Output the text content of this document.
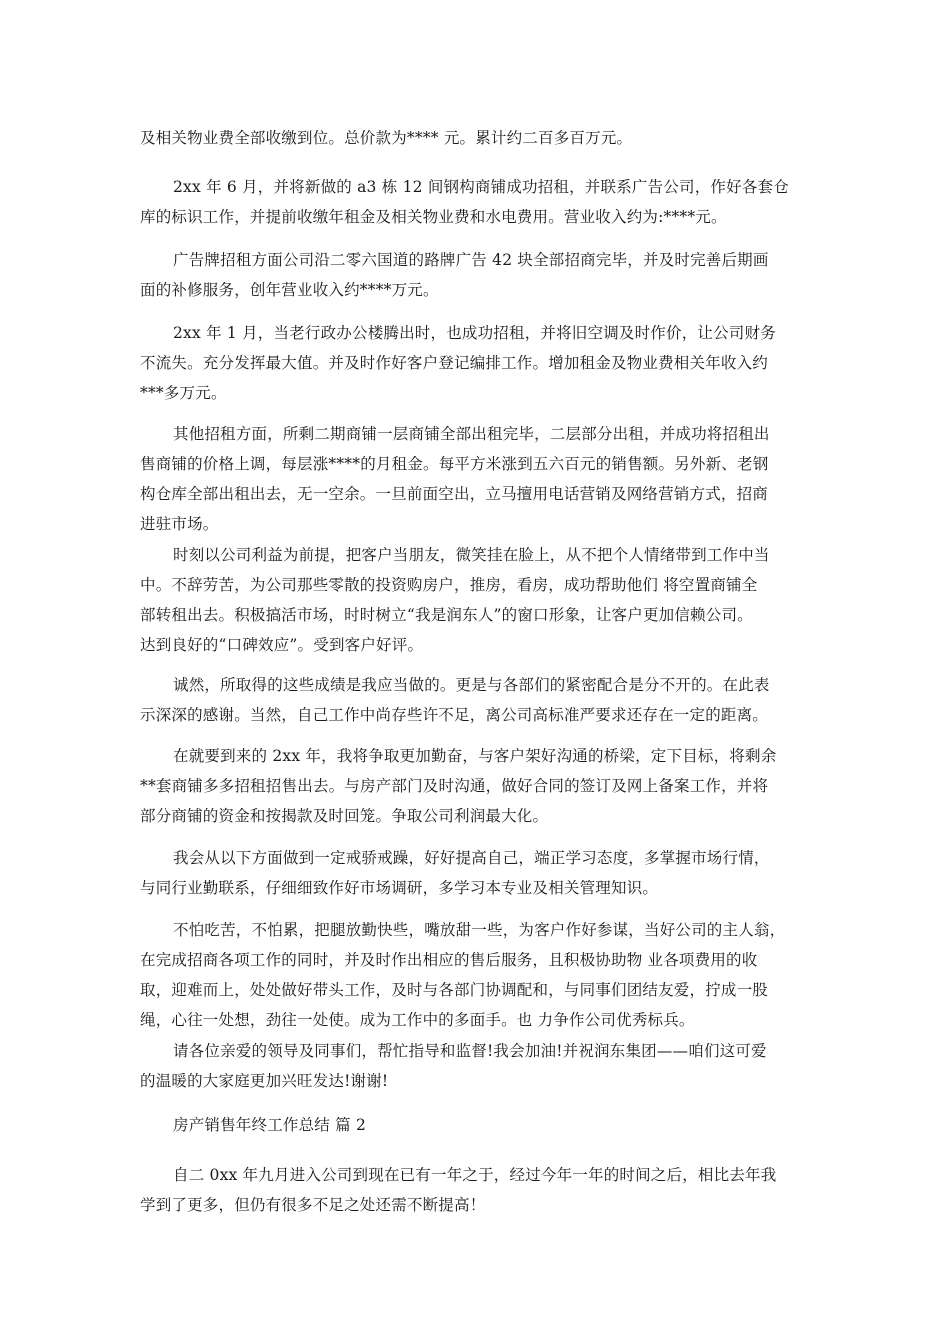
及相关物业费全部收缴到位。总价款为**** 元。累计约二百多百万元。

2xx 年 6 月，并将新做的 a3 栋 12 间钢构商铺成功招租，并联系广告公司，作好各套仓
库的标识工作，并提前收缴年租金及相关物业费和水电费用。营业收入约为:****元。

广告牌招租方面公司沿二零六国道的路牌广告 42 块全部招商完毕，并及时完善后期画
面的补修服务，创年营业收入约****万元。

2xx 年 1 月，当老行政办公楼腾出时，也成功招租，并将旧空调及时作价，让公司财务
不流失。充分发挥最大值。并及时作好客户登记编排工作。增加租金及物业费相关年收入约
***多万元。

其他招租方面，所剩二期商铺一层商铺全部出租完毕，二层部分出租，并成功将招租出
售商铺的价格上调，每层涨****的月租金。每平方米涨到五六百元的销售额。另外新、老钢
构仓库全部出租出去，无一空余。一旦前面空出，立马擅用电话营销及网络营销方式，招商
进驻市场。

时刻以公司利益为前提，把客户当朋友，微笑挂在脸上，从不把个人情绪带到工作中当
中。不辞劳苦，为公司那些零散的投资购房户，推房，看房，成功帮助他们 将空置商铺全
部转租出去。积极搞活市场，时时树立“我是润东人”的窗口形象，让客户更加信赖公司。
达到良好的“口碑效应”。受到客户好评。

诚然，所取得的这些成绩是我应当做的。更是与各部们的紧密配合是分不开的。在此表
示深深的感谢。当然，自己工作中尚存些许不足，离公司高标准严要求还存在一定的距离。

在就要到来的 2xx 年，我将争取更加勤奋，与客户架好沟通的桥梁，定下目标，将剩余
**套商铺多多招租招售出去。与房产部门及时沟通，做好合同的签订及网上备案工作，并将
部分商铺的资金和按揭款及时回笼。争取公司利润最大化。

我会从以下方面做到一定戒骄戒躁，好好提高自己，端正学习态度，多掌握市场行情，
与同行业勤联系，仔细细致作好市场调研，多学习本专业及相关管理知识。

不怕吃苦，不怕累，把腿放勤快些，嘴放甜一些，为客户作好参谋，当好公司的主人翁，
在完成招商各项工作的同时，并及时作出相应的售后服务，且积极协助物 业各项费用的收
取，迎难而上，处处做好带头工作，及时与各部门协调配和，与同事们团结友爱，拧成一股
绳，心往一处想，劲往一处使。成为工作中的多面手。也 力争作公司优秀标兵。

请各位亲爱的领导及同事们，帮忙指导和监督!我会加油!并祝润东集团——咱们这可爱
的温暖的大家庭更加兴旺发达!谢谢!

房产销售年终工作总结 篇 2

自二 0xx 年九月进入公司到现在已有一年之于，经过今年一年的时间之后，相比去年我
学到了更多，但仍有很多不足之处还需不断提高！
